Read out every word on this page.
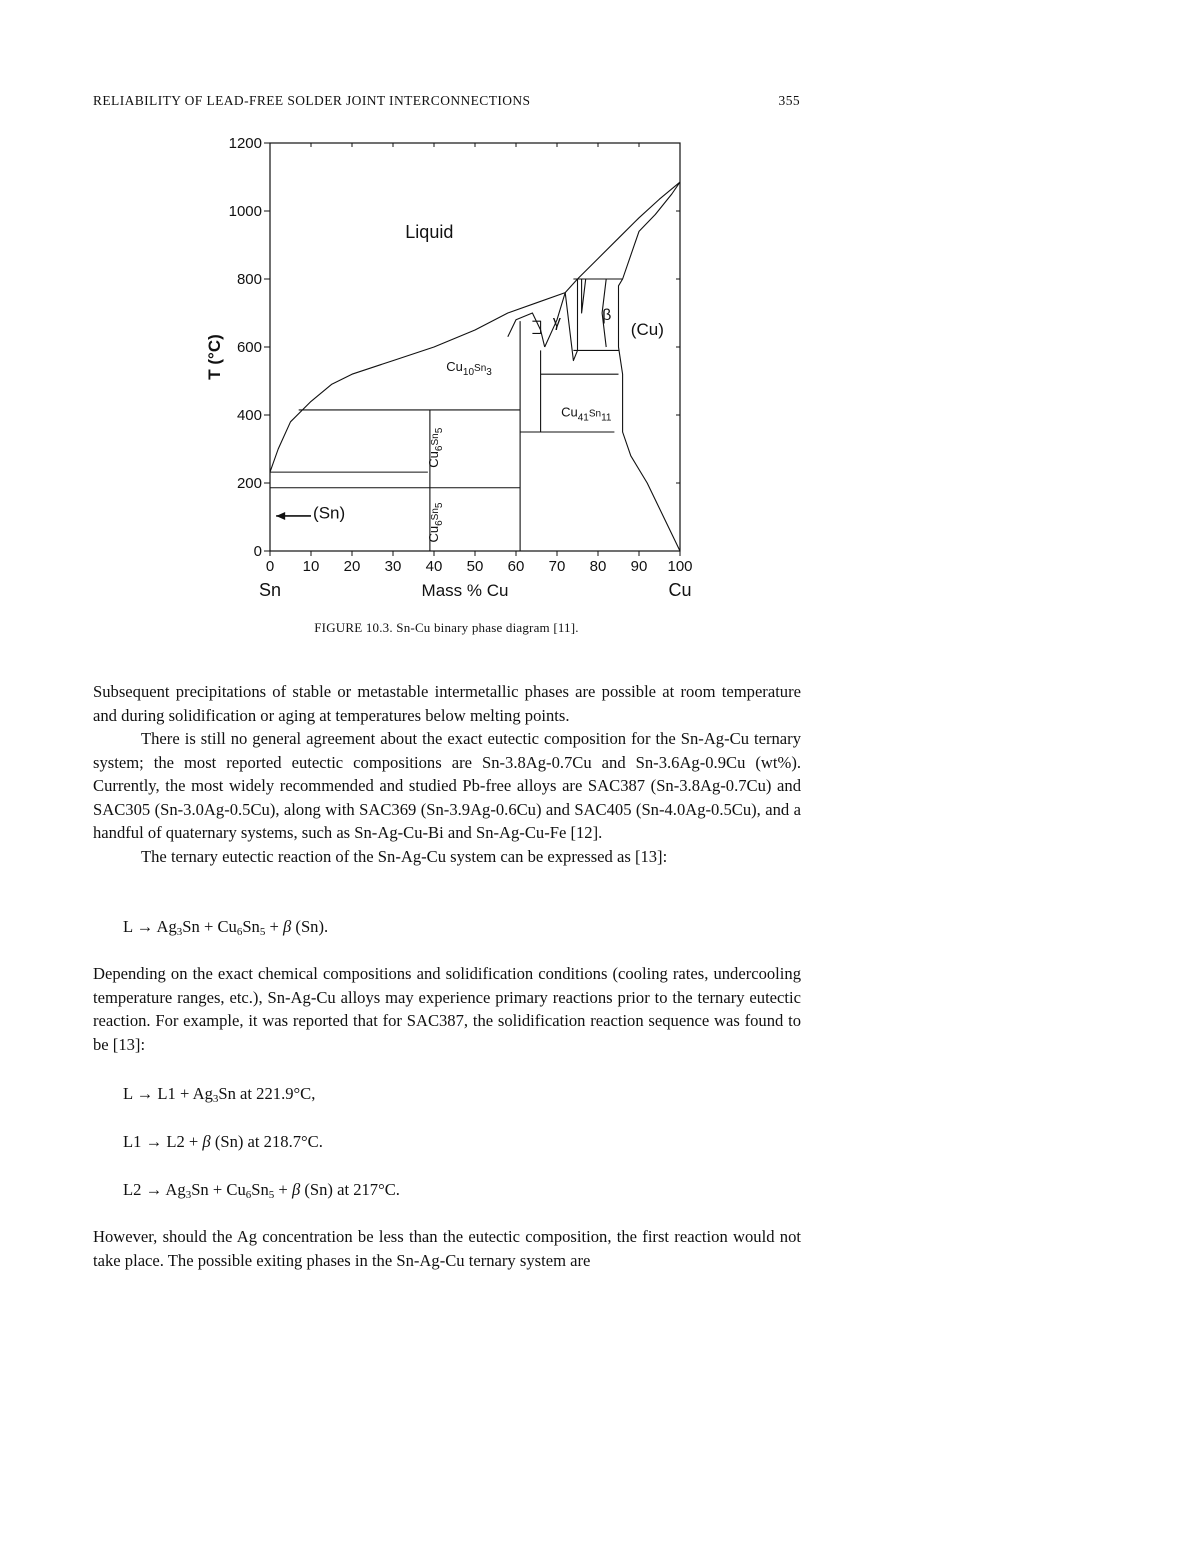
RELIABILITY OF LEAD-FREE SOLDER JOINT INTERCONNECTIONS	355
Mass % Cu
T (°C)
Sn	Cu
0 10 20 30 40 50 60 70 80 90 100
0
200
400
600
800
1000
1200
Liquid
γ	β
(Cu)
(Sn)
$Cu_{10}^{Sn}_3$
$Cu_{41}^{Sn}_{11}$
$Cu_6^{Sn}_5$
$Cu_6^{Sn}_5$
FIGURE 10.3. Sn-Cu binary phase diagram [11].

Subsequent precipitations of stable or metastable intermetallic phases are possible at room temperature and during solidification or aging at temperatures below melting points.

There is still no general agreement about the exact eutectic composition for the Sn-Ag-Cu ternary system; the most reported eutectic compositions are Sn-3.8Ag-0.7Cu and Sn-3.6Ag-0.9Cu (wt%). Currently, the most widely recommended and studied Pb-free alloys are SAC387 (Sn-3.8Ag-0.7Cu) and SAC305 (Sn-3.0Ag-0.5Cu), along with SAC369 (Sn-3.9Ag-0.6Cu) and SAC405 (Sn-4.0Ag-0.5Cu), and a handful of quaternary systems, such as Sn-Ag-Cu-Bi and Sn-Ag-Cu-Fe [12].

The ternary eutectic reaction of the Sn-Ag-Cu system can be expressed as [13]:

$L \to Ag_3Sn + Cu_6Sn_5 + \beta$ (Sn).

Depending on the exact chemical compositions and solidification conditions (cooling rates, undercooling temperature ranges, etc.), Sn-Ag-Cu alloys may experience primary reactions prior to the ternary eutectic reaction. For example, it was reported that for SAC387, the solidification reaction sequence was found to be [13]:

$L \to L1 + Ag_3Sn$ at 221.9°C,
L1 → L2 + β (Sn) at 218.7°C.
$L2 \to Ag_3Sn + Cu_6Sn_5 + \beta$ (Sn) at 217°C.

However, should the Ag concentration be less than the eutectic composition, the first reaction would not take place. The possible exiting phases in the Sn-Ag-Cu ternary system are
